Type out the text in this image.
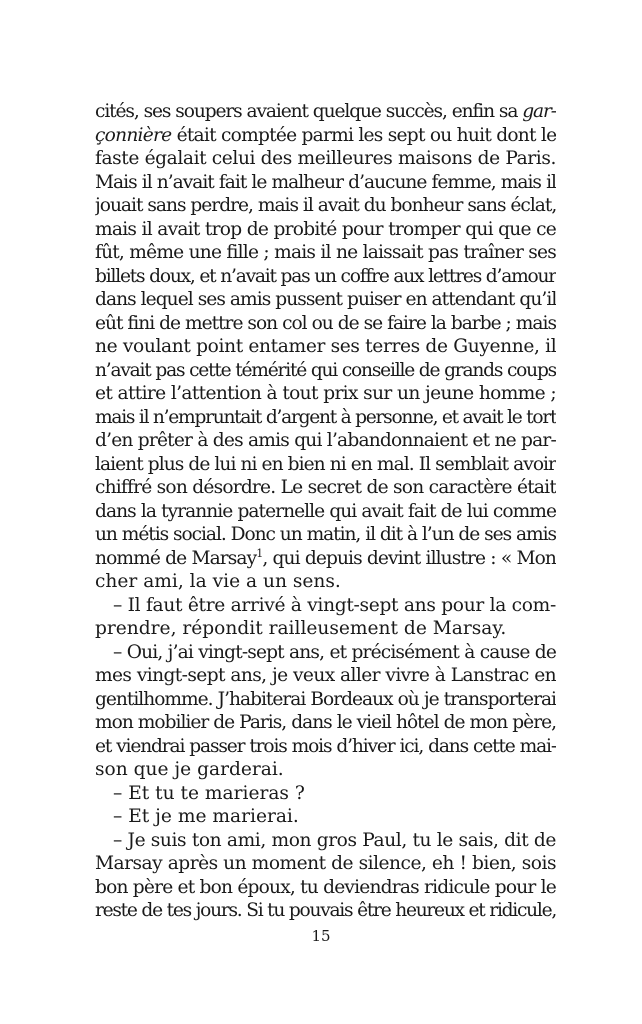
cités, ses soupers avaient quelque succès, enfin sa gar-
çonnière était comptée parmi les sept ou huit dont le
faste égalait celui des meilleures maisons de Paris.
Mais il n’avait fait le malheur d’aucune femme, mais il
jouait sans perdre, mais il avait du bonheur sans éclat,
mais il avait trop de probité pour tromper qui que ce
fût, même une fille ; mais il ne laissait pas traîner ses
billets doux, et n’avait pas un coffre aux lettres d’amour
dans lequel ses amis pussent puiser en attendant qu’il
eût fini de mettre son col ou de se faire la barbe ; mais
ne voulant point entamer ses terres de Guyenne, il
n’avait pas cette témérité qui conseille de grands coups
et attire l’attention à tout prix sur un jeune homme ;
mais il n’empruntait d’argent à personne, et avait le tort
d’en prêter à des amis qui l’abandonnaient et ne par-
laient plus de lui ni en bien ni en mal. Il semblait avoir
chiffré son désordre. Le secret de son caractère était
dans la tyrannie paternelle qui avait fait de lui comme
un métis social. Donc un matin, il dit à l’un de ses amis
nommé de Marsay$^1$, qui depuis devint illustre : « Mon
cher ami, la vie a un sens.
– Il faut être arrivé à vingt-sept ans pour la com-
prendre, répondit railleusement de Marsay.
– Oui, j’ai vingt-sept ans, et précisément à cause de
mes vingt-sept ans, je veux aller vivre à Lanstrac en
gentilhomme. J’habiterai Bordeaux où je transporterai
mon mobilier de Paris, dans le vieil hôtel de mon père,
et viendrai passer trois mois d’hiver ici, dans cette mai-
son que je garderai.
– Et tu te marieras ?
– Et je me marierai.
– Je suis ton ami, mon gros Paul, tu le sais, dit de
Marsay après un moment de silence, eh ! bien, sois
bon père et bon époux, tu deviendras ridicule pour le
reste de tes jours. Si tu pouvais être heureux et ridicule,
15
